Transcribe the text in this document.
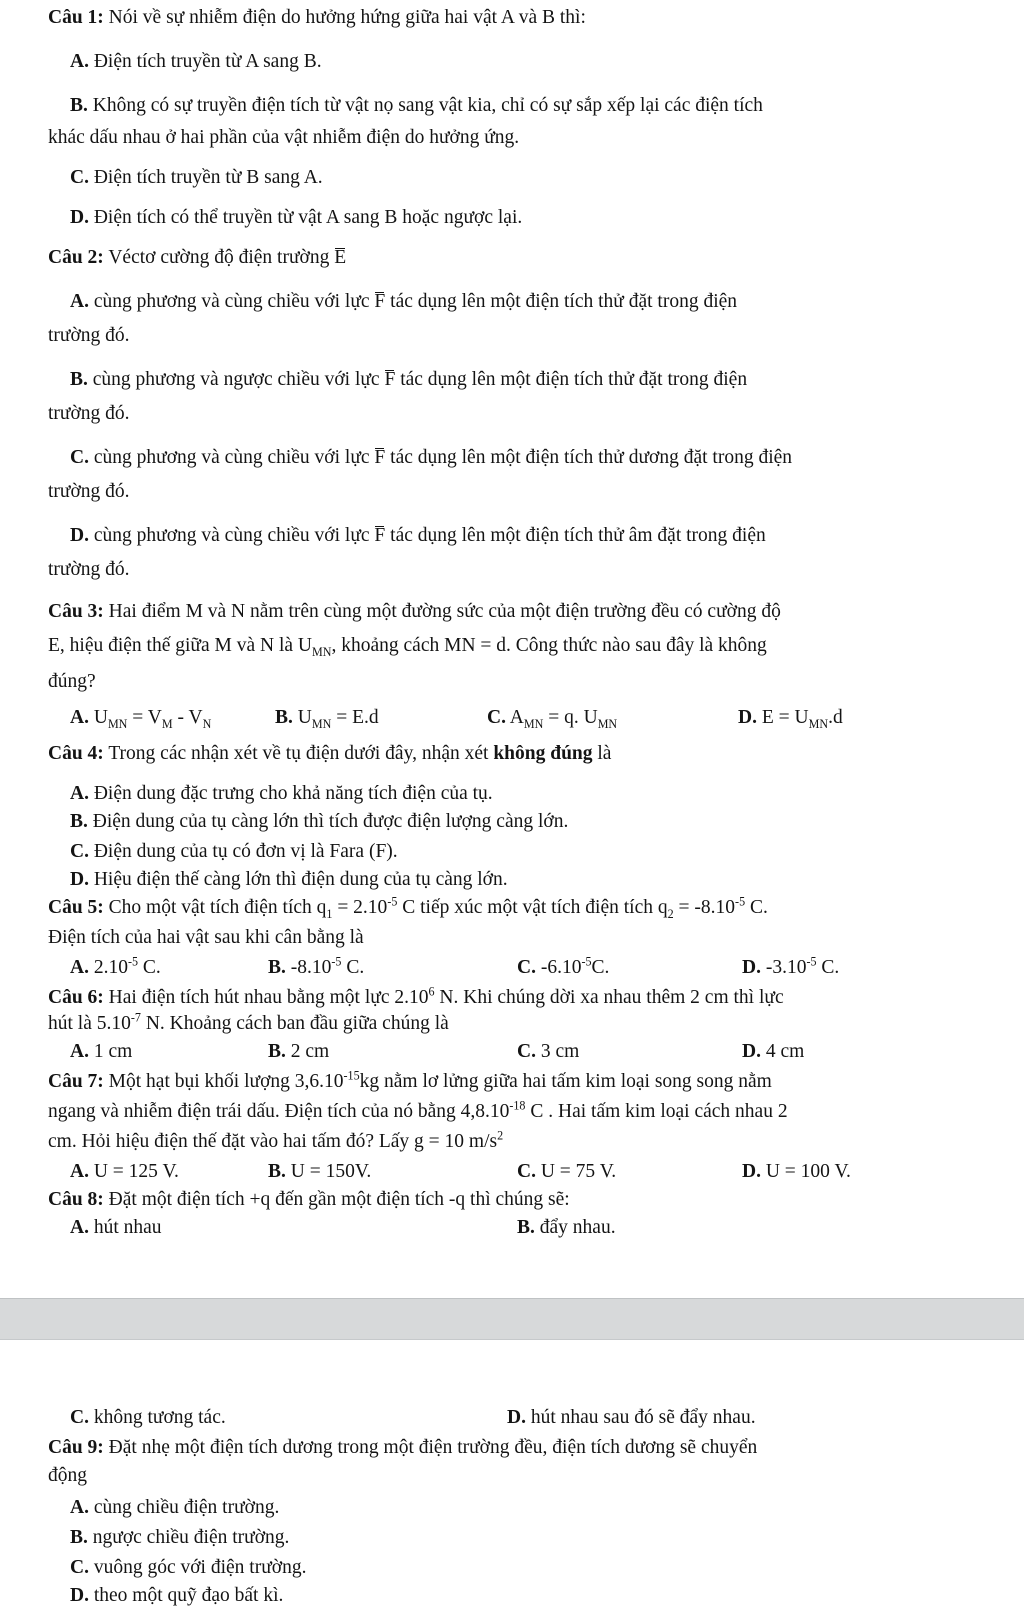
Câu 1: Nói về sự nhiễm điện do hưởng hứng giữa hai vật A và B thì:
A. Điện tích truyền từ A sang B.
B. Không có sự truyền điện tích từ vật nọ sang vật kia, chỉ có sự sắp xếp lại các điện tích
khác dấu nhau ở hai phần của vật nhiễm điện do hưởng ứng.
C. Điện tích truyền từ B sang A.
D. Điện tích có thể truyền từ vật A sang B hoặc ngược lại.
Câu 2: Véctơ cường độ điện trường E
A. cùng phương và cùng chiều với lực F tác dụng lên một điện tích thử đặt trong điện
trường đó.
B. cùng phương và ngược chiều với lực F tác dụng lên một điện tích thử đặt trong điện
trường đó.
C. cùng phương và cùng chiều với lực F tác dụng lên một điện tích thử dương đặt trong điện
trường đó.
D. cùng phương và cùng chiều với lực F tác dụng lên một điện tích thử âm đặt trong điện
trường đó.
Câu 3: Hai điểm M và N nằm trên cùng một đường sức của một điện trường đều có cường độ
E, hiệu điện thế giữa M và N là $U_{MN}$, khoảng cách MN = d. Công thức nào sau đây là không
đúng?
A. $U_{MN} = V_M - V_N$	B. $U_{MN} = E.d$	C. $A_{MN} = q$. $U_{MN}$	D. $E = U_{MN}.d$
Câu 4: Trong các nhận xét về tụ điện dưới đây, nhận xét không đúng là
A. Điện dung đặc trưng cho khả năng tích điện của tụ.
B. Điện dung của tụ càng lớn thì tích được điện lượng càng lớn.
C. Điện dung của tụ có đơn vị là Fara (F).
D. Hiệu điện thế càng lớn thì điện dung của tụ càng lớn.
Câu 5: Cho một vật tích điện tích $q_1 = 2.10^{-5}$ C tiếp xúc một vật tích điện tích $q_2 = -8.10^{-5}$ C.
Điện tích của hai vật sau khi cân bằng là
A. $2.10^{-5}$ C.	B. $-8.10^{-5}$ C.	C. $-6.10^{-5}C$.	D. $-3.10^{-5}$ C.
Câu 6: Hai điện tích hút nhau bằng một lực 2.10$^6$ N. Khi chúng dời xa nhau thêm 2 cm thì lực
hút là $5.10^{-7}$ N. Khoảng cách ban đầu giữa chúng là
A. 1 cm	B. 2 cm	C. 3 cm	D. 4 cm
Câu 7: Một hạt bụi khối lượng $3,6.10^{-15}kg$ nằm lơ lửng giữa hai tấm kim loại song song nằm
ngang và nhiễm điện trái dấu. Điện tích của nó bằng $4,8.10^{-18}$ C . Hai tấm kim loại cách nhau 2
cm. Hỏi hiệu điện thế đặt vào hai tấm đó? Lấy g = 10 $m/s^2$
A. U = 125 V.	B. U = 150V.	C. U = 75 V.	D. U = 100 V.
Câu 8: Đặt một điện tích +q đến gần một điện tích -q thì chúng sẽ:
A. hút nhau	B. đẩy nhau.
C. không tương tác.	D. hút nhau sau đó sẽ đẩy nhau.
Câu 9: Đặt nhẹ một điện tích dương trong một điện trường đều, điện tích dương sẽ chuyển
động
A. cùng chiều điện trường.
B. ngược chiều điện trường.
C. vuông góc với điện trường.
D. theo một quỹ đạo bất kì.
